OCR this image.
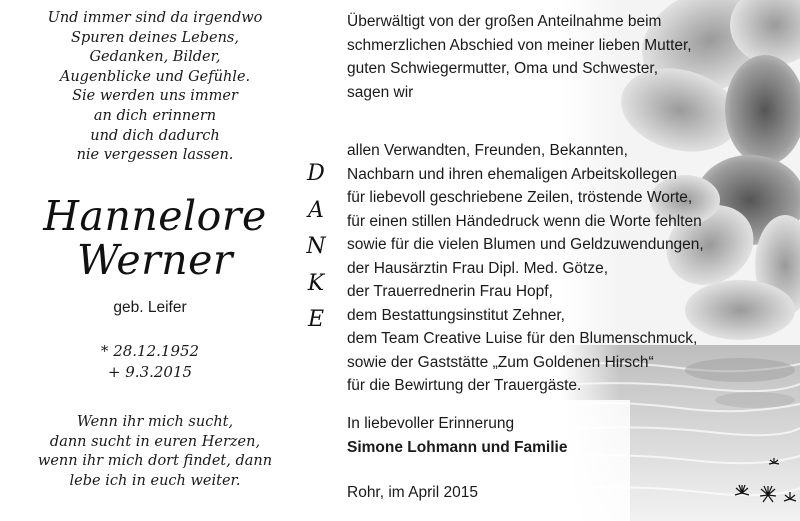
Und immer sind da irgendwo
Spuren deines Lebens,
Gedanken, Bilder,
Augenblicke und Gefühle.
Sie werden uns immer
an dich erinnern
und dich dadurch
nie vergessen lassen.
Hannelore
Werner
geb. Leifer
* 28.12.1952
+ 9.3.2015
Wenn ihr mich sucht,
dann sucht in euren Herzen,
wenn ihr mich dort findet, dann
lebe ich in euch weiter.
D
A
N
K
E
Überwältigt von der großen Anteilnahme beim
schmerzlichen Abschied von meiner lieben Mutter,
guten Schwiegermutter, Oma und Schwester,
sagen wir
allen Verwandten, Freunden, Bekannten,
Nachbarn und ihren ehemaligen Arbeitskollegen
für liebevoll geschriebene Zeilen, tröstende Worte,
für einen stillen Händedruck wenn die Worte fehlten
sowie für die vielen Blumen und Geldzuwendungen,
der Hausärztin Frau Dipl. Med. Götze,
der Trauerrednerin Frau Hopf,
dem Bestattungsinstitut Zehner,
dem Team Creative Luise für den Blumenschmuck,
sowie der Gaststätte „Zum Goldenen Hirsch“
für die Bewirtung der Trauergäste.
In liebevoller Erinnerung
Simone Lohmann und Familie
Rohr, im April 2015
